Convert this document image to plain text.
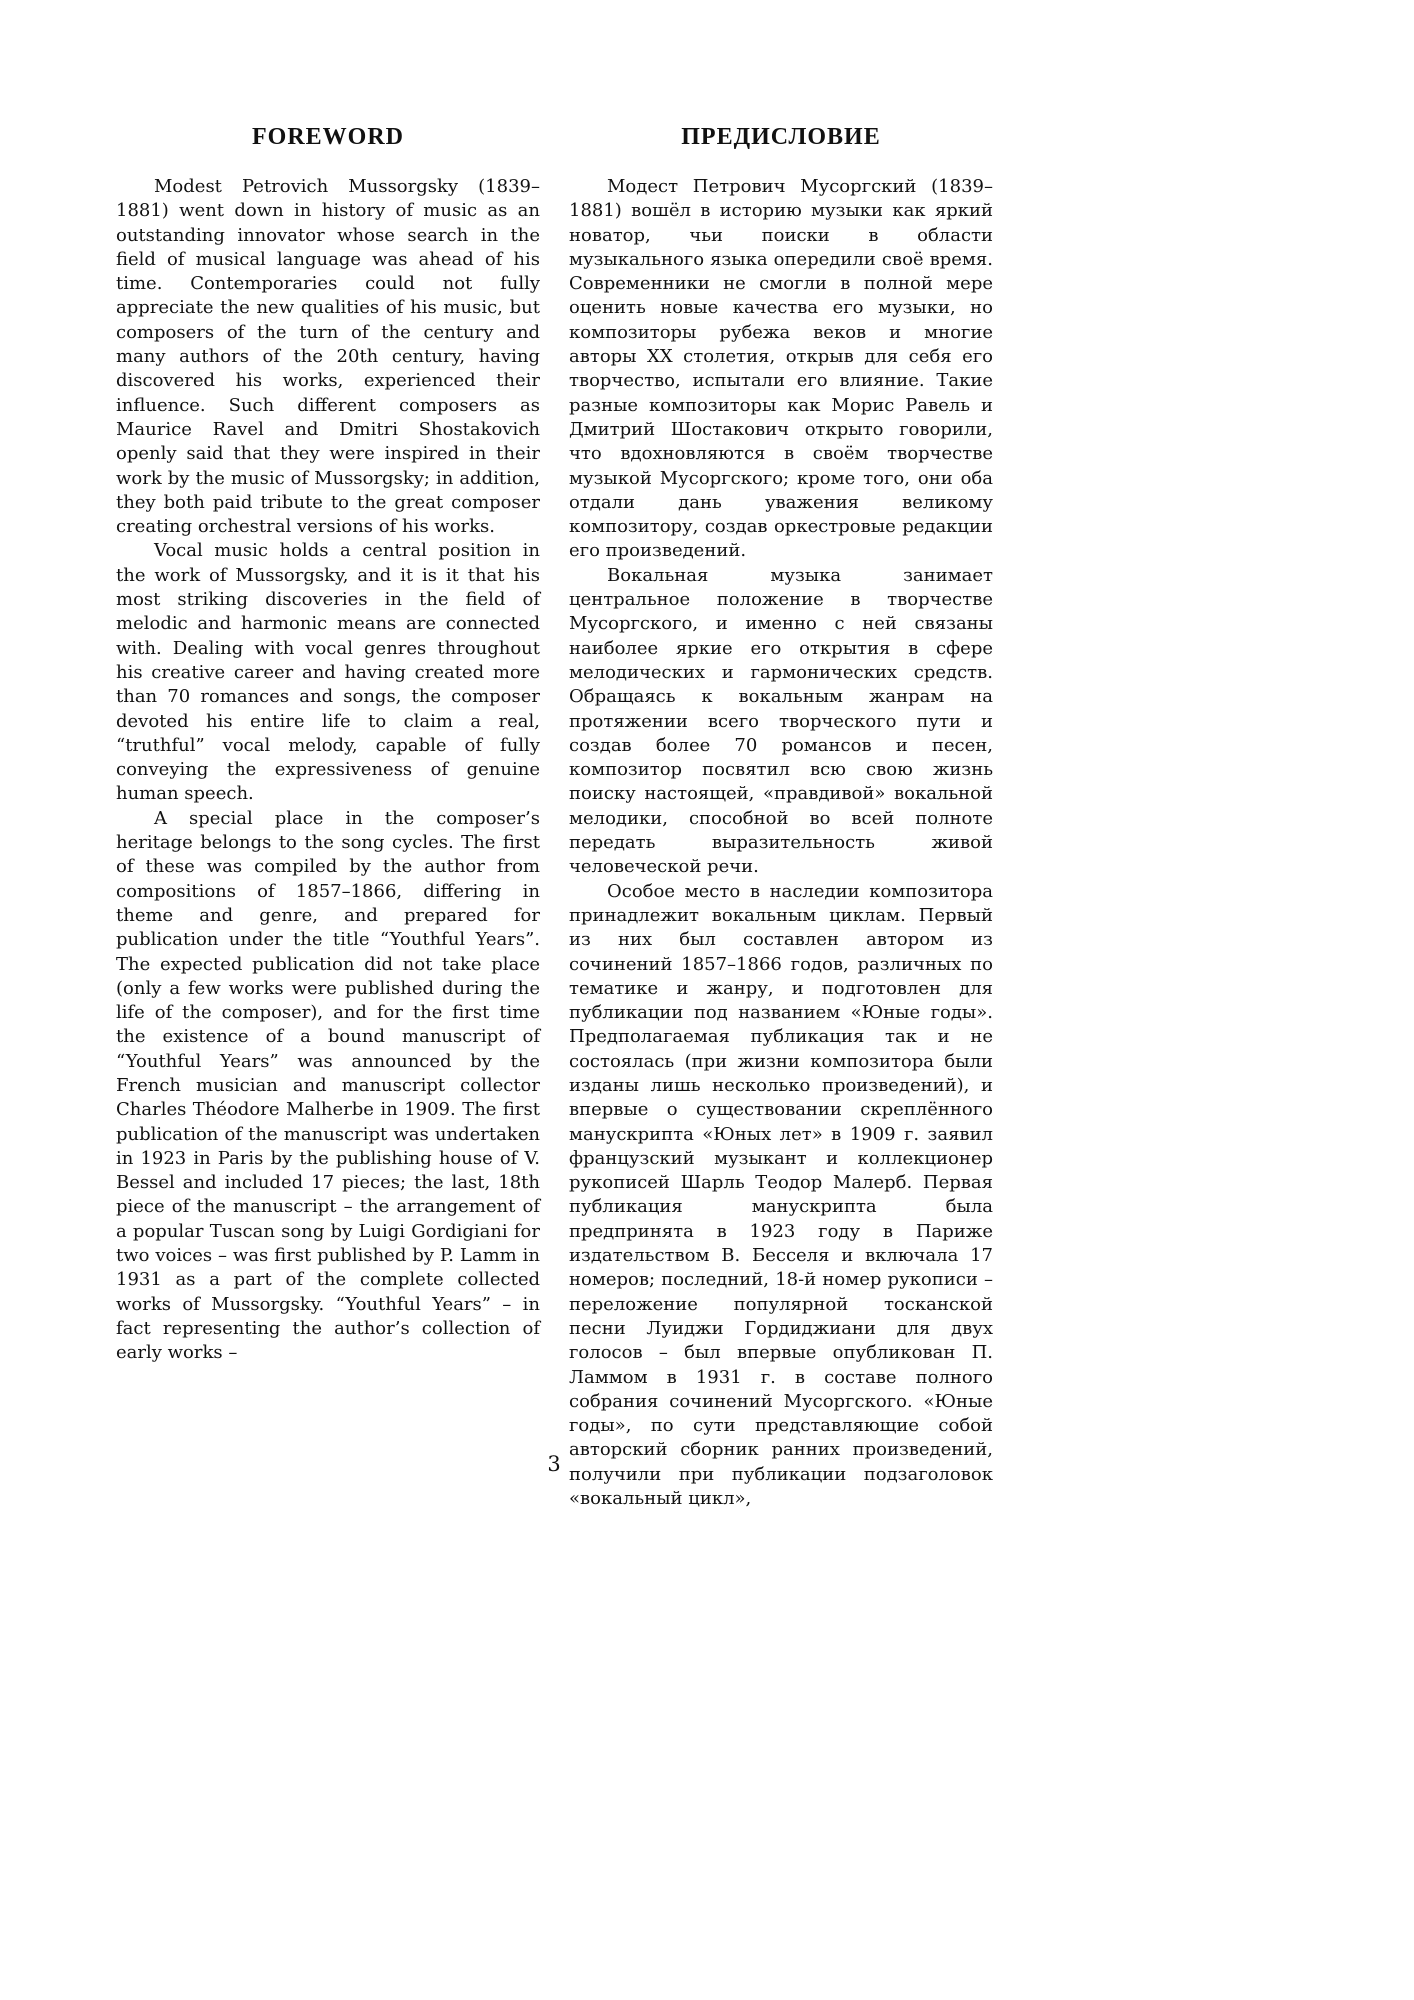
FOREWORD

Modest Petrovich Mussorgsky (1839–1881) went down in history of music as an outstanding innovator whose search in the field of musical language was ahead of his time. Contemporaries could not fully appreciate the new qualities of his music, but composers of the turn of the century and many authors of the 20th century, having discovered his works, experienced their influence. Such different composers as Maurice Ravel and Dmitri Shostakovich openly said that they were inspired in their work by the music of Mussorgsky; in addition, they both paid tribute to the great composer creating orchestral versions of his works.

Vocal music holds a central position in the work of Mussorgsky, and it is it that his most striking discoveries in the field of melodic and harmonic means are connected with. Dealing with vocal genres throughout his creative career and having created more than 70 romances and songs, the composer devoted his entire life to claim a real, “truthful” vocal melody, capable of fully conveying the expressiveness of genuine human speech.

A special place in the composer’s heritage belongs to the song cycles. The first of these was compiled by the author from compositions of 1857–1866, differing in theme and genre, and prepared for publication under the title “Youthful Years”. The expected publication did not take place (only a few works were published during the life of the composer), and for the first time the existence of a bound manuscript of “Youthful Years” was announced by the French musician and manuscript collector Charles Théodore Malherbe in 1909. The first publication of the manuscript was undertaken in 1923 in Paris by the publishing house of V. Bessel and included 17 pieces; the last, 18th piece of the manuscript – the arrangement of a popular Tuscan song by Luigi Gordigiani for two voices – was first published by P. Lamm in 1931 as a part of the complete collected works of Mussorgsky. “Youthful Years” – in fact representing the author’s collection of early works –

ПРЕДИСЛОВИЕ

Модест Петрович Мусоргский (1839–1881) вошёл в историю музыки как яркий новатор, чьи поиски в области музыкального языка опередили своё время. Современники не смогли в полной мере оценить новые качества его музыки, но композиторы рубежа веков и многие авторы XX столетия, открыв для себя его творчество, испытали его влияние. Такие разные композиторы как Морис Равель и Дмитрий Шостакович открыто говорили, что вдохновляются в своём творчестве музыкой Мусоргского; кроме того, они оба отдали дань уважения великому композитору, создав оркестровые редакции его произведений.

Вокальная музыка занимает центральное положение в творчестве Мусоргского, и именно с ней связаны наиболее яркие его открытия в сфере мелодических и гармонических средств. Обращаясь к вокальным жанрам на протяжении всего творческого пути и создав более 70 романсов и песен, композитор посвятил всю свою жизнь поиску настоящей, «правдивой» вокальной мелодики, способной во всей полноте передать выразительность живой человеческой речи.

Особое место в наследии композитора принадлежит вокальным циклам. Первый из них был составлен автором из сочинений 1857–1866 годов, различных по тематике и жанру, и подготовлен для публикации под названием «Юные годы». Предполагаемая публикация так и не состоялась (при жизни композитора были изданы лишь несколько произведений), и впервые о существовании скреплённого манускрипта «Юных лет» в 1909 г. заявил французский музыкант и коллекционер рукописей Шарль Теодор Малерб. Первая публикация манускрипта была предпринята в 1923 году в Париже издательством В. Бесселя и включала 17 номеров; последний, 18-й номер рукописи – переложение популярной тосканской песни Луиджи Гордиджиани для двух голосов – был впервые опубликован П. Ламмом в 1931 г. в составе полного собрания сочинений Мусоргского. «Юные годы», по сути представляющие собой авторский сборник ранних произведений, получили при публикации подзаголовок «вокальный цикл»,

3
